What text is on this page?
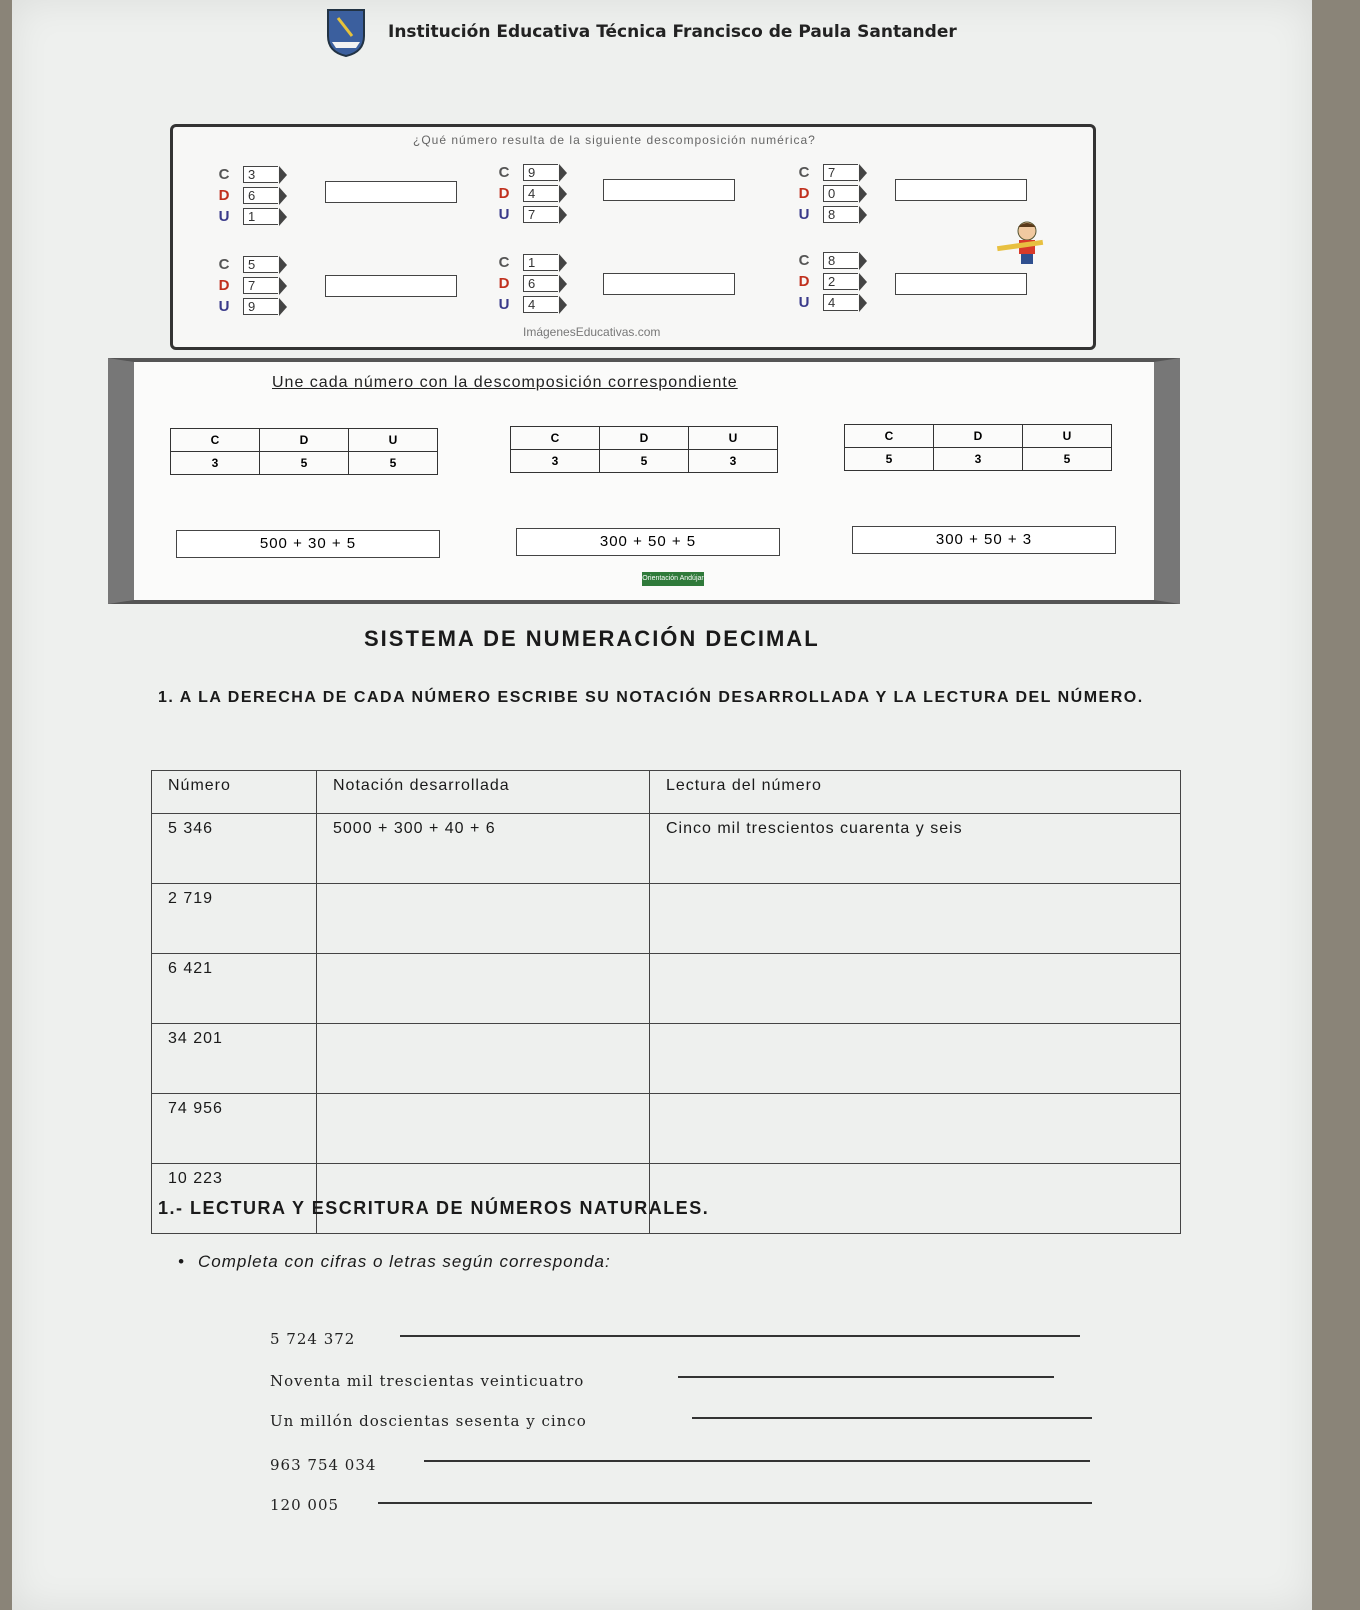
Institución Educativa Técnica Francisco de Paula Santander
¿Qué número resulta de la siguiente descomposición numérica?
C	3
D	6
U	1
C	9
D	4
U	7
C	7
D	0
U	8
C	5
D	7
U	9
C	1
D	6
U	4
C	8
D	2
U	4
ImágenesEducativas.com
Une cada número con la descomposición correspondiente
C	D	U
3	5	5
C	D	U
3	5	3
C	D	U
5	3	5
500 + 30 + 5	300 + 50 + 5	300 + 50 + 3
Orientación Andújar
SISTEMA DE NUMERACIÓN DECIMAL
1. A LA DERECHA DE CADA NÚMERO ESCRIBE SU NOTACIÓN DESARROLLADA Y LA LECTURA DEL NÚMERO.
Número	Notación desarrollada	Lectura del número
5 346	5000 + 300 + 40 + 6	Cinco mil trescientos cuarenta y seis
2 719		
6 421		
34 201		
74 956		
10 223		
1.- LECTURA Y ESCRITURA DE NÚMEROS NATURALES.
• Completa con cifras o letras según corresponda:
5 724 372
Noventa mil trescientas veinticuatro
Un millón doscientas sesenta y cinco
963 754 034
120 005
